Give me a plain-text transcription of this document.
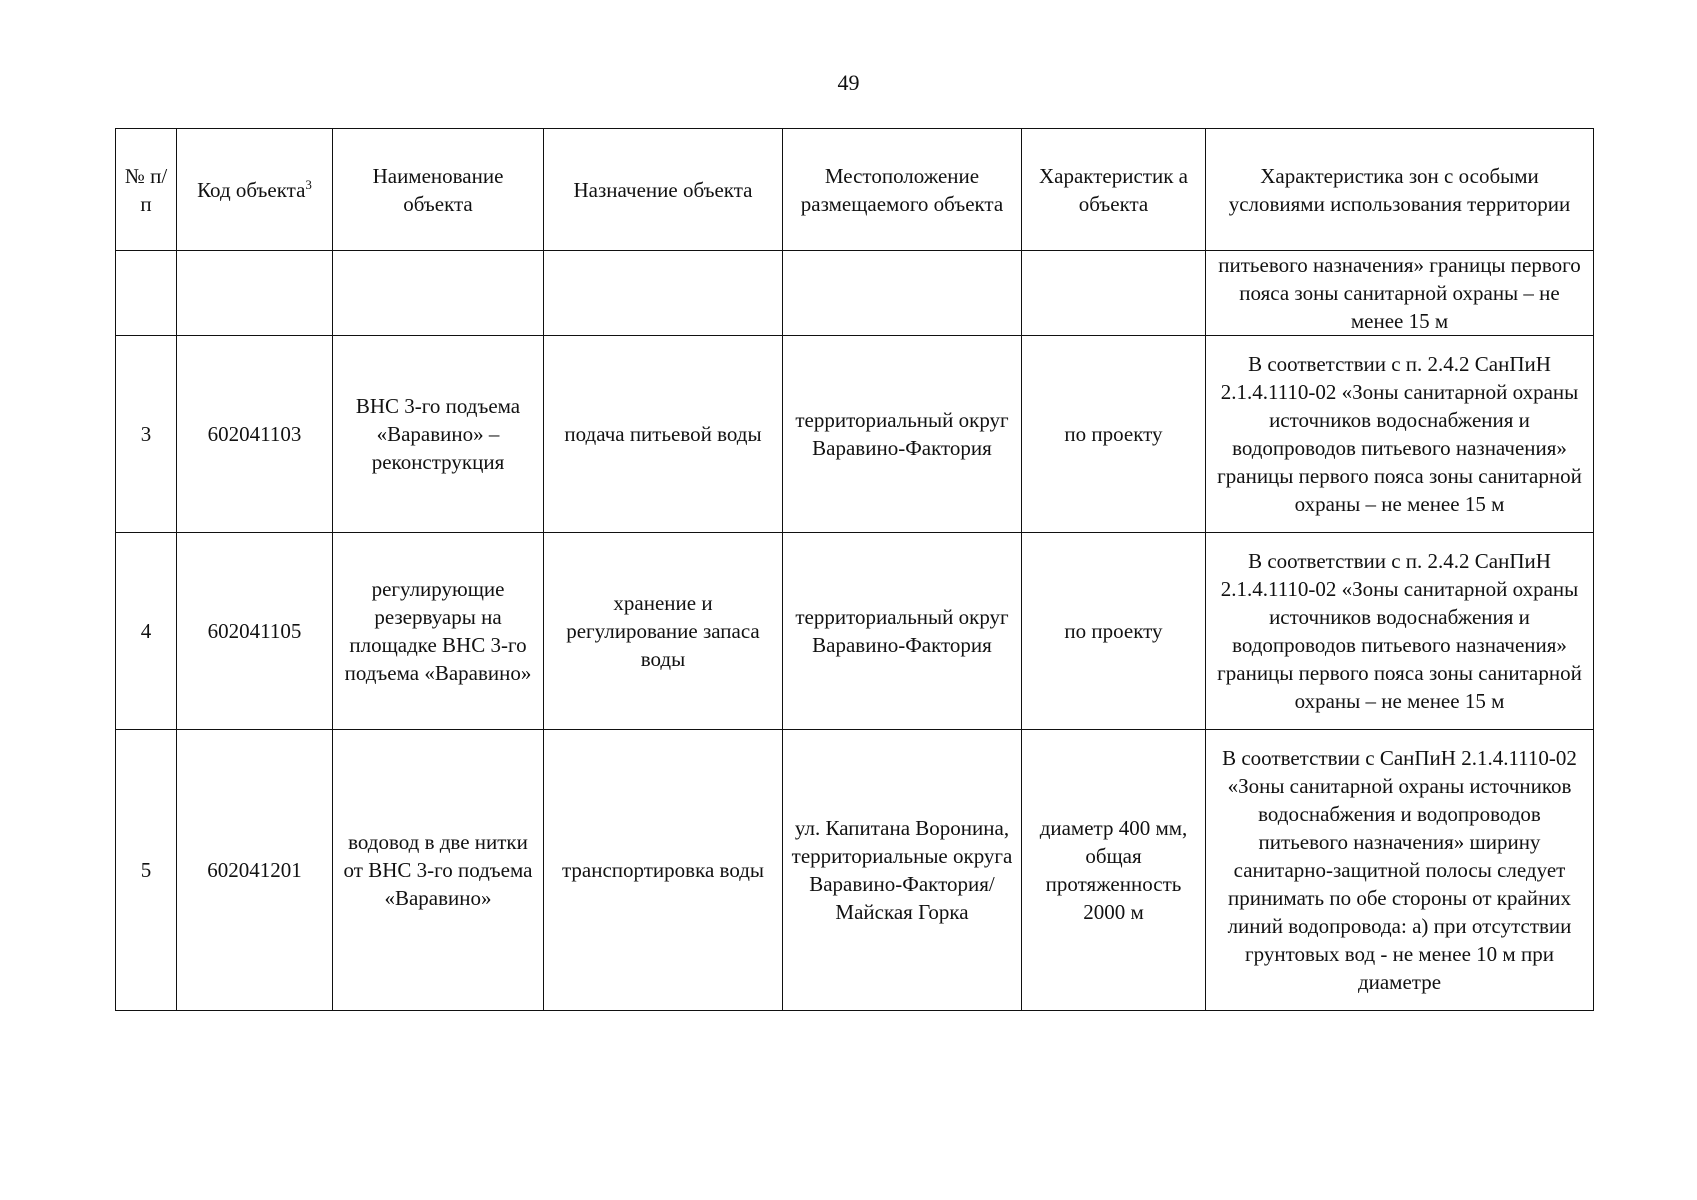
49
№ п/п	Код объекта$^3$	Наименование объекта	Назначение объекта	Местоположение размещаемого объекта	Характеристик а объекта	Характеристика зон с особыми условиями использования территории
						питьевого назначения» границы первого пояса зоны санитарной охраны – не менее 15 м
3	602041103	ВНС 3-го подъема «Варавино» – реконструкция	подача питьевой воды	территориальный округ Варавино-Фактория	по проекту	В соответствии с п. 2.4.2 СанПиН 2.1.4.1110-02 «Зоны санитарной охраны источников водоснабжения и водопроводов питьевого назначения» границы первого пояса зоны санитарной охраны – не менее 15 м
4	602041105	регулирующие резервуары на площадке ВНС 3-го подъема «Варавино»	хранение и регулирование запаса воды	территориальный округ Варавино-Фактория	по проекту	В соответствии с п. 2.4.2 СанПиН 2.1.4.1110-02 «Зоны санитарной охраны источников водоснабжения и водопроводов питьевого назначения» границы первого пояса зоны санитарной охраны – не менее 15 м
5	602041201	водовод в две нитки от ВНС 3-го подъема «Варавино»	транспортировка воды	ул. Капитана Воронина, территориальные округа Варавино-Фактория/ Майская Горка	диаметр 400 мм, общая протяженность 2000 м	В соответствии с СанПиН 2.1.4.1110-02 «Зоны санитарной охраны источников водоснабжения и водопроводов питьевого назначения» ширину санитарно-защитной полосы следует принимать по обе стороны от крайних линий водопровода: а) при отсутствии грунтовых вод - не менее 10 м при диаметре
